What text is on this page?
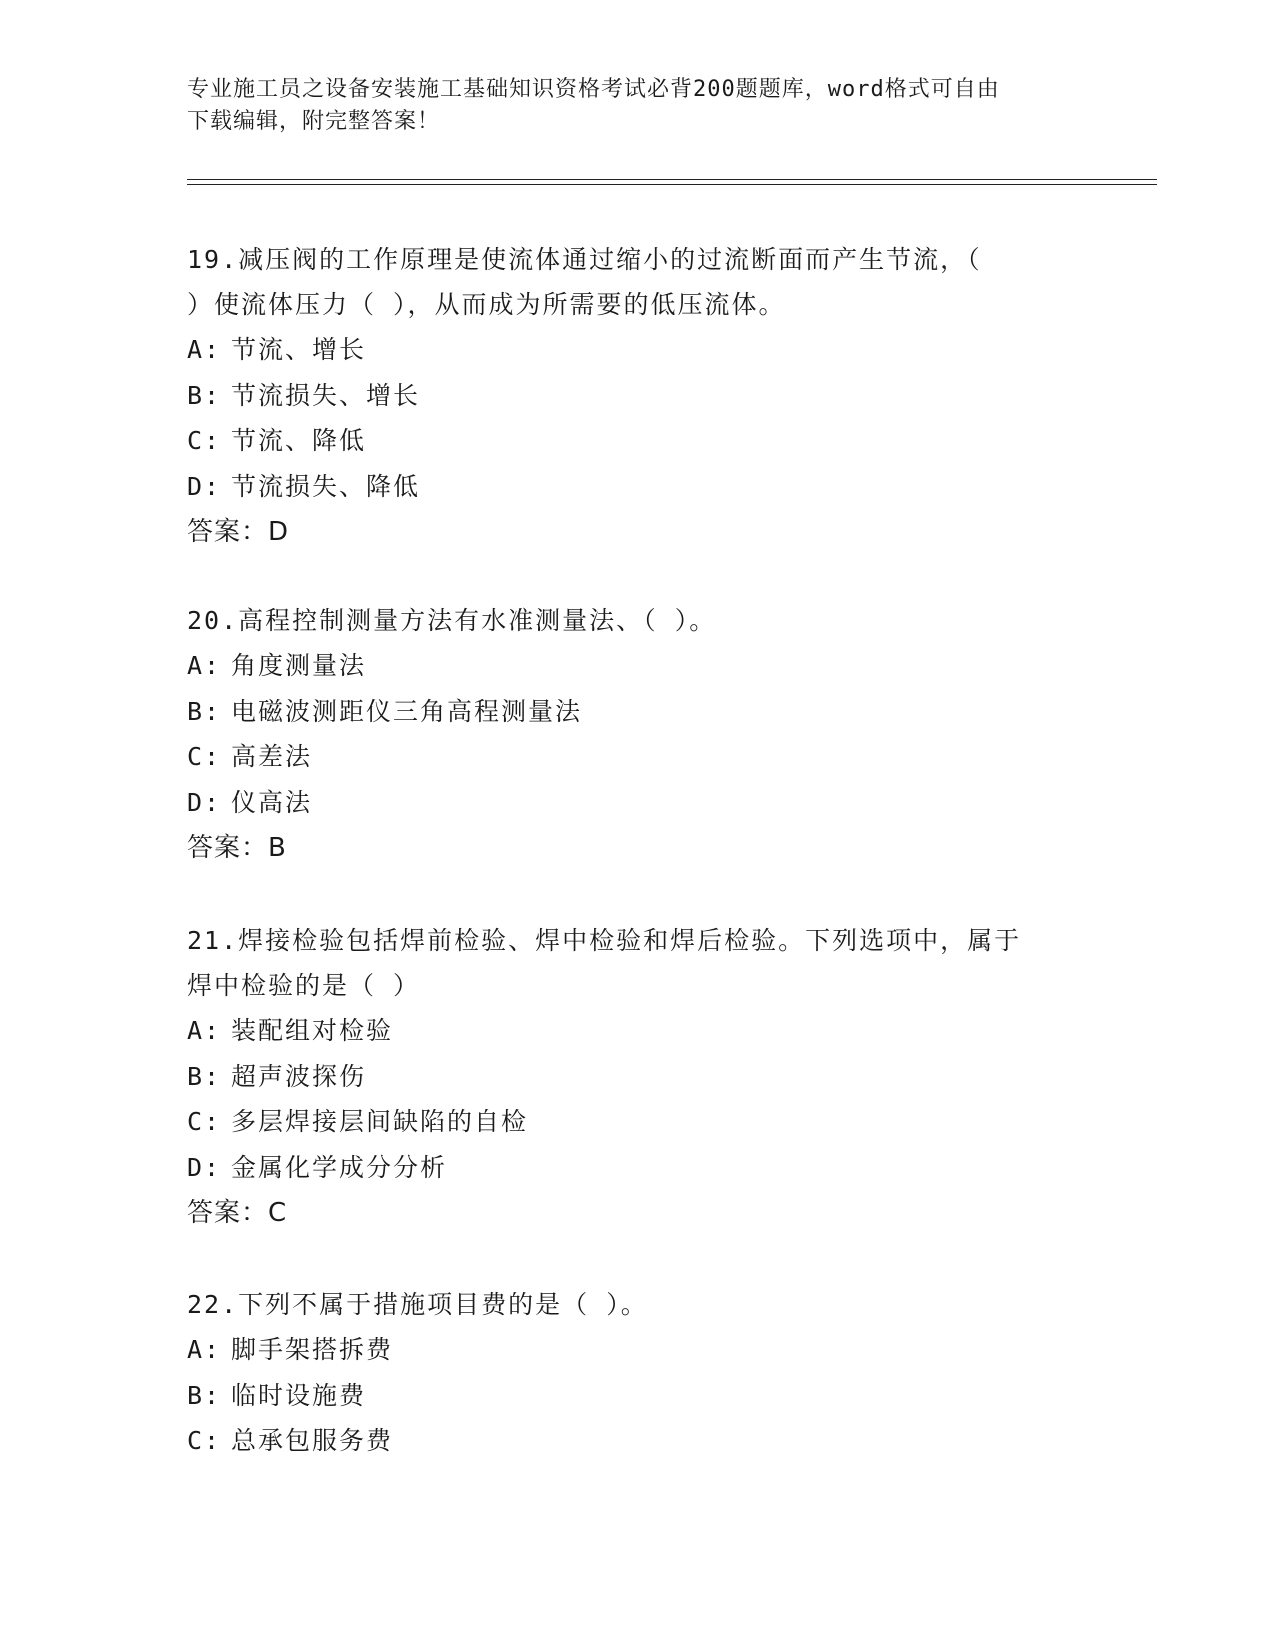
专业施工员之设备安装施工基础知识资格考试必背200题题库，word格式可自由
下载编辑，附完整答案！
19.减压阀的工作原理是使流体通过缩小的过流断面而产生节流，（
）使流体压力（ ），从而成为所需要的低压流体。
A: 节流、增长
B: 节流损失、增长
C: 节流、降低
D: 节流损失、降低
答案：D
20.高程控制测量方法有水准测量法、（ ）。
A: 角度测量法
B: 电磁波测距仪三角高程测量法
C: 高差法
D: 仪高法
答案：B
21.焊接检验包括焊前检验、焊中检验和焊后检验。下列选项中，属于
焊中检验的是（ ）
A: 装配组对检验
B: 超声波探伤
C: 多层焊接层间缺陷的自检
D: 金属化学成分分析
答案：C
22.下列不属于措施项目费的是（ ）。
A: 脚手架搭拆费
B: 临时设施费
C: 总承包服务费
